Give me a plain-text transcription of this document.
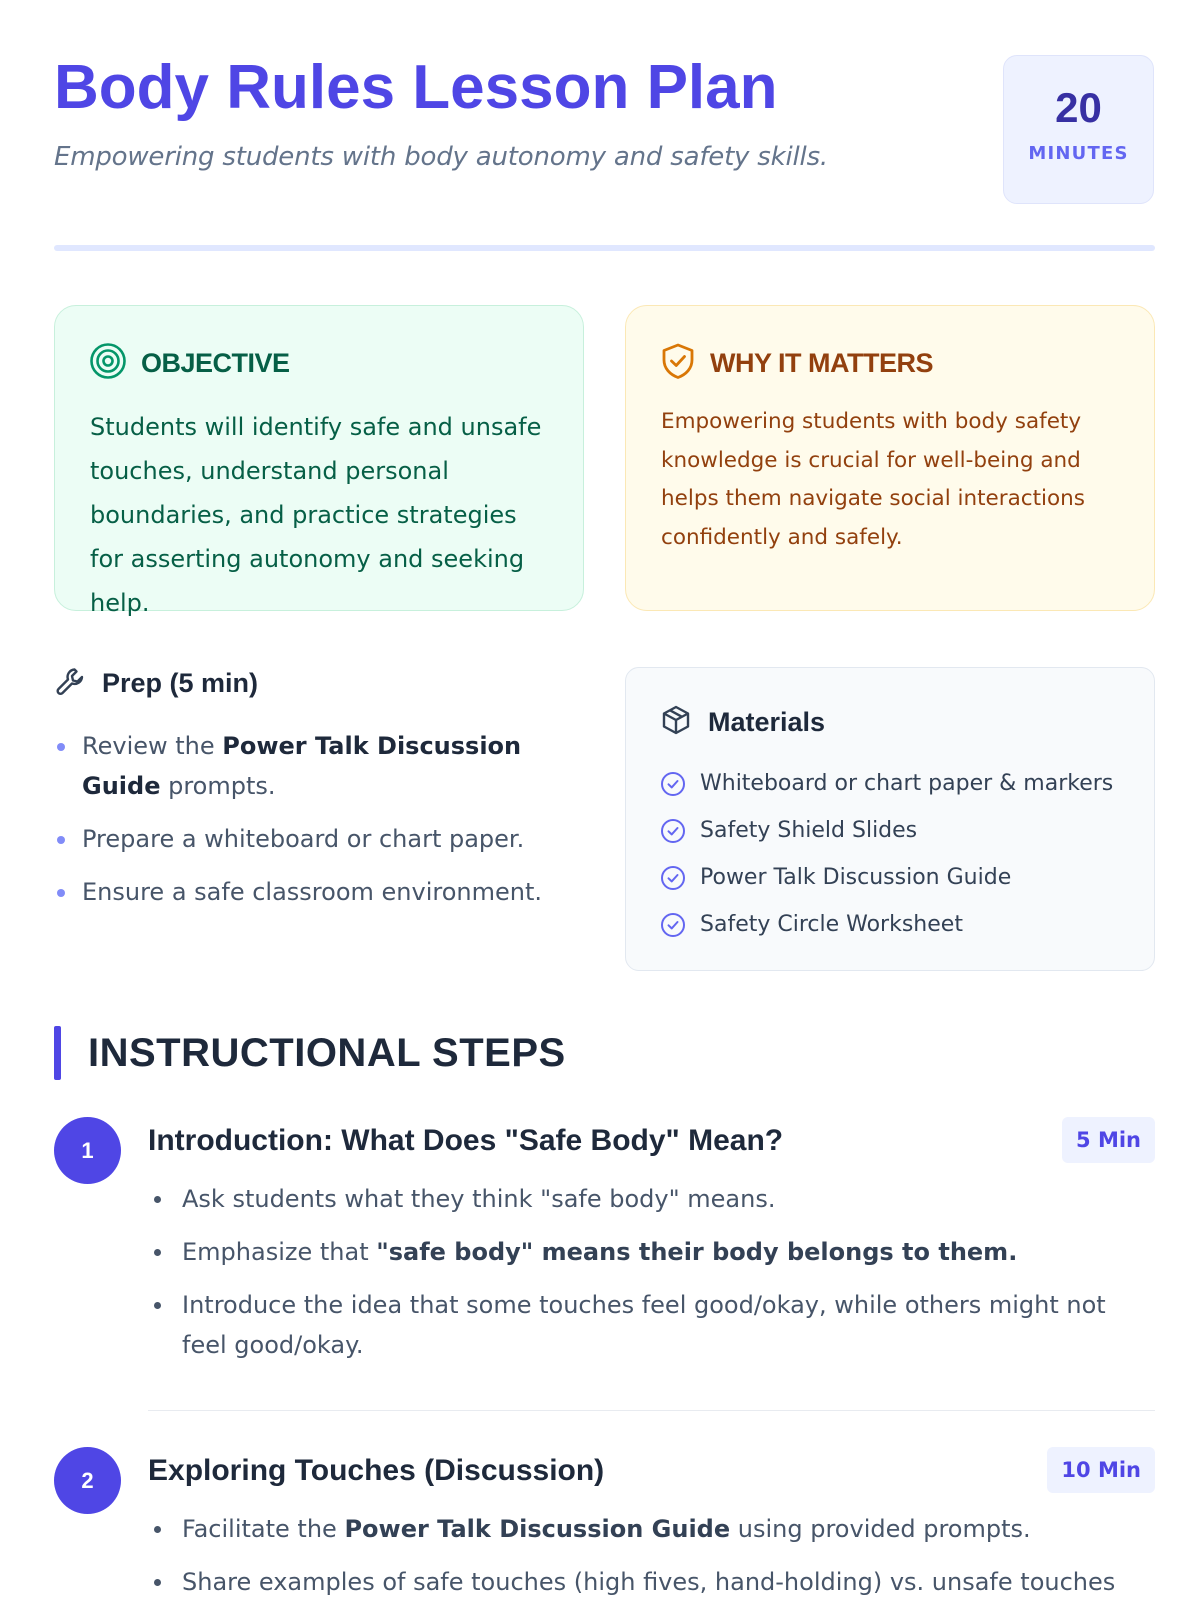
Body Rules Lesson Plan

Empowering students with body autonomy and safety skills.

20
MINUTES
OBJECTIVE

Students will identify safe and unsafe touches, understand personal boundaries, and practice strategies for asserting autonomy and seeking help.

WHY IT MATTERS

Empowering students with body safety knowledge is crucial for well-being and helps them navigate social interactions confidently and safely.

Prep (5 min)
Review the Power Talk Discussion Guide prompts.
Prepare a whiteboard or chart paper.
Ensure a safe classroom environment.
Materials
Whiteboard or chart paper & markers
Safety Shield Slides
Power Talk Discussion Guide
Safety Circle Worksheet
INSTRUCTIONAL STEPS
1	Introduction: What Does "Safe Body" Mean?	5 Min
Ask students what they think "safe body" means.
Emphasize that "safe body" means their body belongs to them.
Introduce the idea that some touches feel good/okay, while others might not feel good/okay.
2	Exploring Touches (Discussion)	10 Min
Facilitate the Power Talk Discussion Guide using provided prompts.
Share examples of safe touches (high fives, hand-holding) vs. unsafe touches
